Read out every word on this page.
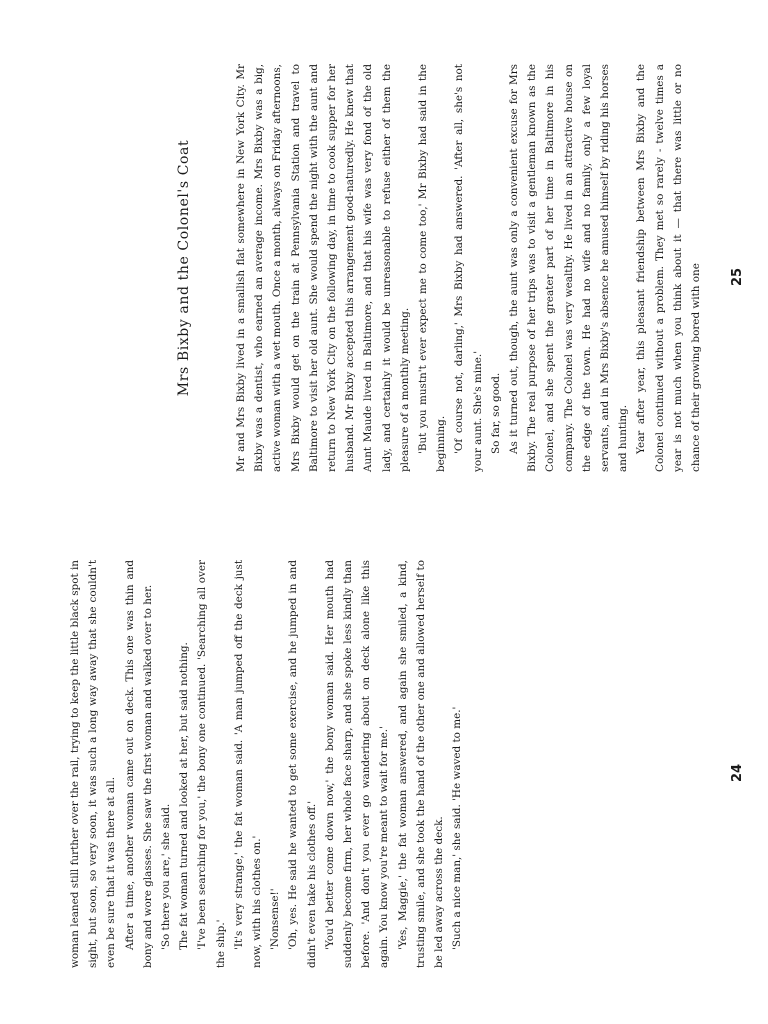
woman leaned still further over the rail, trying to keep the little black spot in sight, but soon, so very soon, it was such a long way away that she couldn't even be sure that it was there at all. After a time, another woman came out on deck. This one was thin and bony and wore glasses. She saw the first woman and walked over to her. 'So there you are,' she said. The fat woman turned and looked at her, but said nothing. 'I've been searching for you,' the bony one continued. 'Searching all over the ship.' 'It's very strange,' the fat woman said. 'A man jumped off the deck just now, with his clothes on.' 'Nonsense!' 'Oh, yes. He said he wanted to get some exercise, and he jumped in and didn't even take his clothes off.' 'You'd better come down now,' the bony woman said. Her mouth had suddenly become firm, her whole face sharp, and she spoke less kindly than before. 'And don't you ever go wandering about on deck alone like this again. You know you're meant to wait for me.' 'Yes, Maggie,' the fat woman answered, and again she smiled, a kind, trusting smile, and she took the hand of the other one and allowed herself to be led away across the deck. 'Such a nice man,' she said. 'He waved to me.'	24
Mrs Bixby and the Colonel's Coat	Mr and Mrs Bixby lived in a smallish flat somewhere in New York City. Mr Bixby was a dentist, who earned an average income. Mrs Bixby was a big, active woman with a wet mouth. Once a month, always on Friday afternoons, Mrs Bixby would get on the train at Pennsylvania Station and travel to Baltimore to visit her old aunt. She would spend the night with the aunt and return to New York City on the following day, in time to cook supper for her husband. Mr Bixby accepted this arrangement good-naturedly. He knew that Aunt Maude lived in Baltimore, and that his wife was very fond of the old lady, and certainly it would be unreasonable to refuse either of them the pleasure of a monthly meeting. 'But you mustn't ever expect me to come too,' Mr Bixby had said in the beginning. 'Of course not, darling,' Mrs Bixby had answered. 'After all, she's not your aunt. She's mine.' So far, so good. As it turned out, though, the aunt was only a convenient excuse for Mrs Bixby. The real purpose of her trips was to visit a gentleman known as the Colonel, and she spent the greater part of her time in Baltimore in his company. The Colonel was very wealthy. He lived in an attractive house on the edge of the town. He had no wife and no family, only a few loyal servants, and in Mrs Bixby's absence he amused himself by riding his horses and hunting. Year after year, this pleasant friendship between Mrs Bixby and the Colonel continued without a problem. They met so rarely - twelve times a year is not much when you think about it — that there was little or no chance of their growing bored with one 25
